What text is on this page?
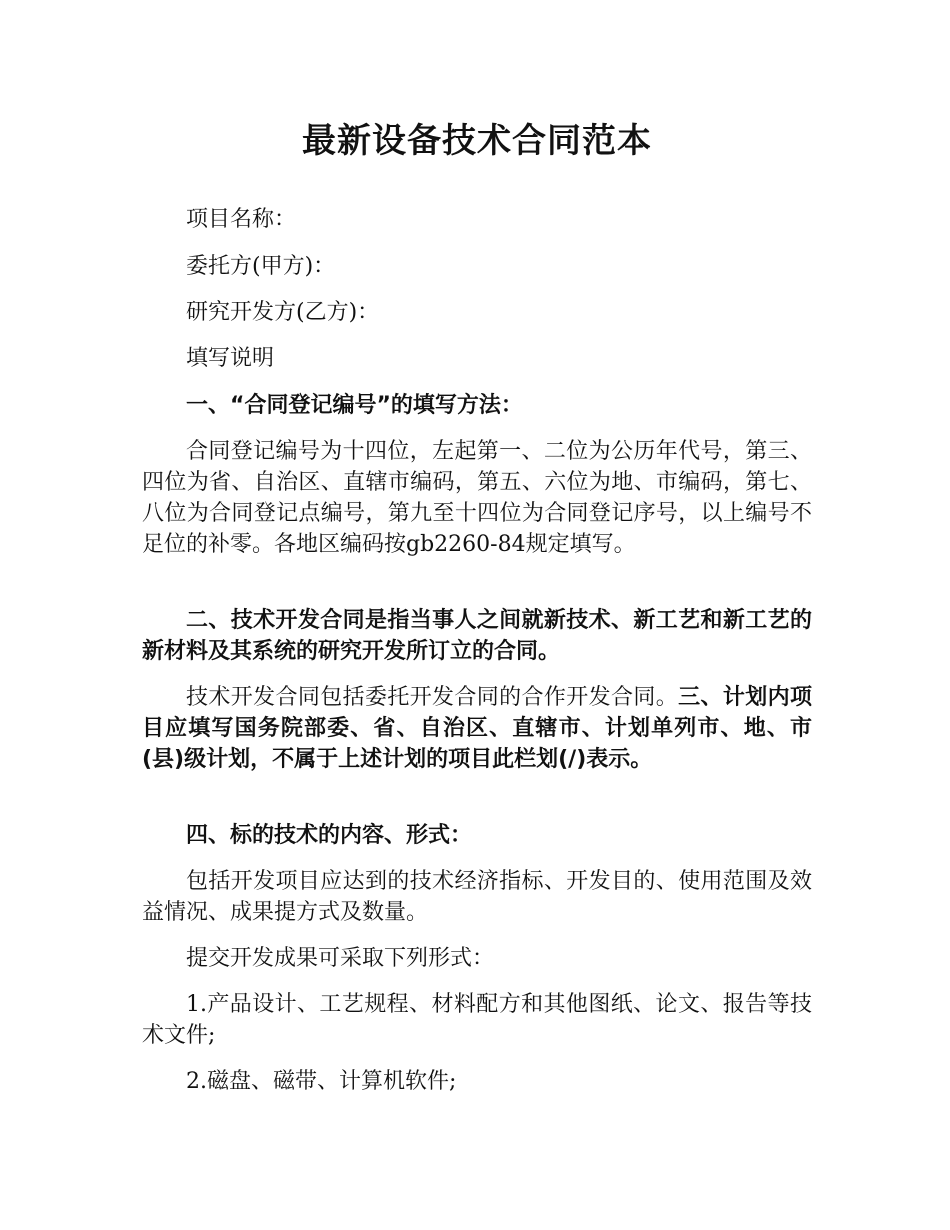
最新设备技术合同范本

项目名称：

委托方(甲方)：

研究开发方(乙方)：

填写说明

一、“合同登记编号”的填写方法：

合同登记编号为十四位，左起第一、二位为公历年代号，第三、四位为省、自治区、直辖市编码，第五、六位为地、市编码，第七、八位为合同登记点编号，第九至十四位为合同登记序号，以上编号不足位的补零。各地区编码按gb2260-84规定填写。

二、技术开发合同是指当事人之间就新技术、新工艺和新工艺的新材料及其系统的研究开发所订立的合同。

技术开发合同包括委托开发合同的合作开发合同。三、计划内项目应填写国务院部委、省、自治区、直辖市、计划单列市、地、市(县)级计划，不属于上述计划的项目此栏划(/)表示。

四、标的技术的内容、形式：

包括开发项目应达到的技术经济指标、开发目的、使用范围及效益情况、成果提方式及数量。

提交开发成果可采取下列形式：

1.产品设计、工艺规程、材料配方和其他图纸、论文、报告等技术文件;

2.磁盘、磁带、计算机软件;
